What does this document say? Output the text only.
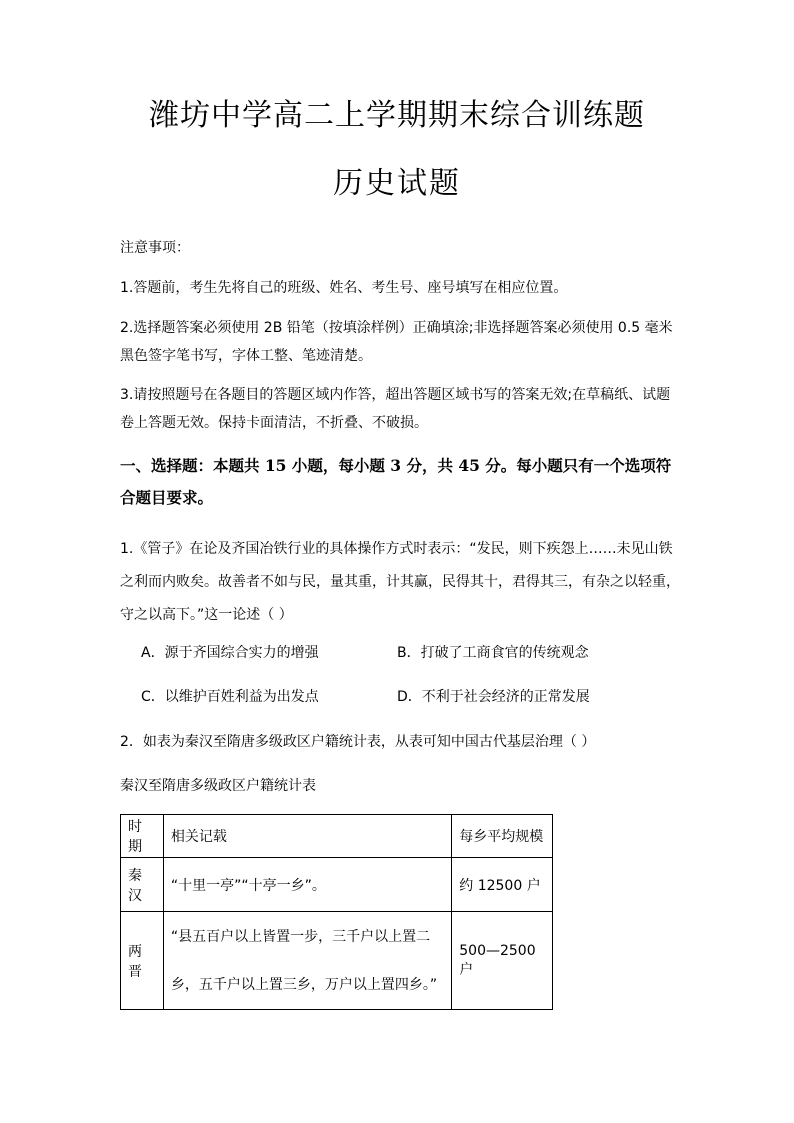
潍坊中学高二上学期期末综合训练题
历史试题
注意事项：
1.答题前，考生先将自己的班级、姓名、考生号、座号填写在相应位置。
2.选择题答案必须使用 2B 铅笔（按填涂样例）正确填涂;非选择题答案必须使用 0.5 毫米黑色签字笔书写，字体工整、笔迹清楚。
3.请按照题号在各题目的答题区域内作答，超出答题区域书写的答案无效;在草稿纸、试题卷上答题无效。保持卡面清洁，不折叠、不破损。
一、选择题：本题共 15 小题，每小题 3 分，共 45 分。每小题只有一个选项符合题目要求。
1.《管子》在论及齐国冶铁行业的具体操作方式时表示：“发民，则下疾怨上……未见山铁之利而内败矣。故善者不如与民，量其重，计其赢，民得其十，君得其三，有杂之以轻重，守之以高下。”这一论述（ ）
A．源于齐国综合实力的增强	B．打破了工商食官的传统观念
C．以维护百姓利益为出发点	D．不利于社会经济的正常发展
2．如表为秦汉至隋唐多级政区户籍统计表，从表可知中国古代基层治理（ ）
秦汉至隋唐多级政区户籍统计表
时期	相关记载	每乡平均规模
秦汉	“十里一亭”“十亭一乡”。	约 12500 户
两晋	“县五百户以上皆置一步，三千户以上置二乡，五千户以上置三乡，万户以上置四乡。”	500—2500 户
